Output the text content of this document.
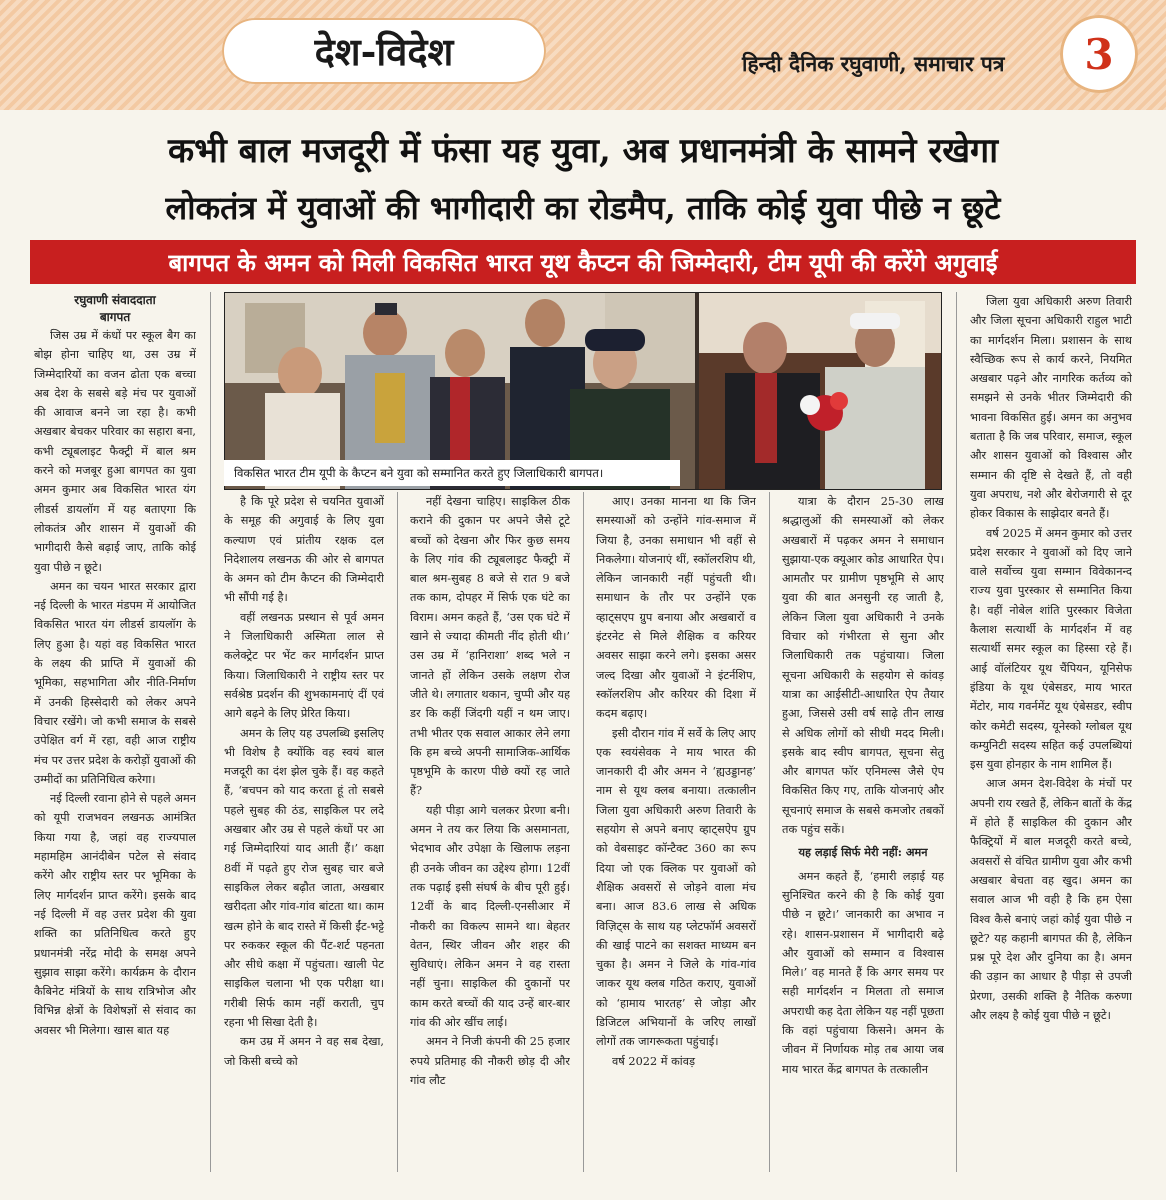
देश-विदेश	हिन्दी दैनिक रघुवाणी, समाचार पत्र 3
कभी बाल मजदूरी में फंसा यह युवा, अब प्रधानमंत्री के सामने रखेगा
लोकतंत्र में युवाओं की भागीदारी का रोडमैप, ताकि कोई युवा पीछे न छूटे
बागपत के अमन को मिली विकसित भारत यूथ कैप्टन की जिम्मेदारी, टीम यूपी की करेंगे अगुवाई
विकसित भारत टीम यूपी के कैप्टन बने युवा को सम्मानित करते हुए जिलाधिकारी बागपत।
रघुवाणी संवाददाता
बागपत

जिस उम्र में कंधों पर स्कूल बैग का बोझ होना चाहिए था, उस उम्र में जिम्मेदारियों का वजन ढोता एक बच्चा अब देश के सबसे बड़े मंच पर युवाओं की आवाज बनने जा रहा है। कभी अखबार बेचकर परिवार का सहारा बना, कभी ट्यूबलाइट फैक्ट्री में बाल श्रम करने को मजबूर हुआ बागपत का युवा अमन कुमार अब विकसित भारत यंग लीडर्स डायलॉग में यह बताएगा कि लोकतंत्र और शासन में युवाओं की भागीदारी कैसे बढ़ाई जाए, ताकि कोई युवा पीछे न छूटे।

अमन का चयन भारत सरकार द्वारा नई दिल्ली के भारत मंडपम में आयोजित विकसित भारत यंग लीडर्स डायलॉग के लिए हुआ है। यहां वह विकसित भारत के लक्ष्य की प्राप्ति में युवाओं की भूमिका, सहभागिता और नीति-निर्माण में उनकी हिस्सेदारी को लेकर अपने विचार रखेंगे। जो कभी समाज के सबसे उपेक्षित वर्ग में रहा, वही आज राष्ट्रीय मंच पर उत्तर प्रदेश के करोड़ों युवाओं की उम्मीदों का प्रतिनिधित्व करेगा।

नई दिल्ली रवाना होने से पहले अमन को यूपी राजभवन लखनऊ आमंत्रित किया गया है, जहां वह राज्यपाल महामहिम आनंदीबेन पटेल से संवाद करेंगे और राष्ट्रीय स्तर पर भूमिका के लिए मार्गदर्शन प्राप्त करेंगे। इसके बाद नई दिल्ली में वह उत्तर प्रदेश की युवा शक्ति का प्रतिनिधित्व करते हुए प्रधानमंत्री नरेंद्र मोदी के समक्ष अपने सुझाव साझा करेंगे। कार्यक्रम के दौरान कैबिनेट मंत्रियों के साथ रात्रिभोज और विभिन्न क्षेत्रों के विशेषज्ञों से संवाद का अवसर भी मिलेगा। खास बात यह

है कि पूरे प्रदेश से चयनित युवाओं के समूह की अगुवाई के लिए युवा कल्याण एवं प्रांतीय रक्षक दल निदेशालय लखनऊ की ओर से बागपत के अमन को टीम कैप्टन की जिम्मेदारी भी सौंपी गई है।

वहीं लखनऊ प्रस्थान से पूर्व अमन ने जिलाधिकारी अस्मिता लाल से कलेक्ट्रेट पर भेंट कर मार्गदर्शन प्राप्त किया। जिलाधिकारी ने राष्ट्रीय स्तर पर सर्वश्रेष्ठ प्रदर्शन की शुभकामनाएं दीं एवं आगे बढ़ने के लिए प्रेरित किया।

अमन के लिए यह उपलब्धि इसलिए भी विशेष है क्योंकि वह स्वयं बाल मजदूरी का दंश झेल चुके हैं। वह कहते हैं, ‘बचपन को याद करता हूं तो सबसे पहले सुबह की ठंड, साइकिल पर लदे अखबार और उम्र से पहले कंधों पर आ गई जिम्मेदारियां याद आती हैं।’ कक्षा 8वीं में पढ़ते हुए रोज सुबह चार बजे साइकिल लेकर बढ़ौत जाता, अखबार खरीदता और गांव-गांव बांटता था। काम खत्म होने के बाद रास्ते में किसी ईंट-भट्टे पर रुककर स्कूल की पैंट-शर्ट पहनता और सीधे कक्षा में पहुंचता। खाली पेट साइकिल चलाना भी एक परीक्षा था। गरीबी सिर्फ काम नहीं कराती, चुप रहना भी सिखा देती है।

कम उम्र में अमन ने वह सब देखा, जो किसी बच्चे को

नहीं देखना चाहिए। साइकिल ठीक कराने की दुकान पर अपने जैसे टूटे बच्चों को देखना और फिर कुछ समय के लिए गांव की ट्यूबलाइट फैक्ट्री में बाल श्रम-सुबह 8 बजे से रात 9 बजे तक काम, दोपहर में सिर्फ एक घंटे का विराम। अमन कहते हैं, ‘उस एक घंटे में खाने से ज्यादा कीमती नींद होती थी।’ उस उम्र में ‘हानिराशा’ शब्द भले न जानते हों लेकिन उसके लक्षण रोज जीते थे। लगातार थकान, चुप्पी और यह डर कि कहीं जिंदगी यहीं न थम जाए। तभी भीतर एक सवाल आकार लेने लगा कि हम बच्चे अपनी सामाजिक-आर्थिक पृष्ठभूमि के कारण पीछे क्यों रह जाते हैं?

यही पीड़ा आगे चलकर प्रेरणा बनी। अमन ने तय कर लिया कि असमानता, भेदभाव और उपेक्षा के खिलाफ लड़ना ही उनके जीवन का उद्देश्य होगा। 12वीं तक पढ़ाई इसी संघर्ष के बीच पूरी हुई। 12वीं के बाद दिल्ली-एनसीआर में नौकरी का विकल्प सामने था। बेहतर वेतन, स्थिर जीवन और शहर की सुविधाएं। लेकिन अमन ने वह रास्ता नहीं चुना। साइकिल की दुकानों पर काम करते बच्चों की याद उन्हें बार-बार गांव की ओर खींच लाई।

अमन ने निजी कंपनी की 25 हजार रुपये प्रतिमाह की नौकरी छोड़ दी और गांव लौट

आए। उनका मानना था कि जिन समस्याओं को उन्होंने गांव-समाज में जिया है, उनका समाधान भी वहीं से निकलेगा। योजनाएं थीं, स्कॉलरशिप थी, लेकिन जानकारी नहीं पहुंचती थी। समाधान के तौर पर उन्होंने एक व्हाट्सएप ग्रुप बनाया और अखबारों व इंटरनेट से मिले शैक्षिक व करियर अवसर साझा करने लगे। इसका असर जल्द दिखा और युवाओं ने इंटर्नशिप, स्कॉलरशिप और करियर की दिशा में कदम बढ़ाए।

इसी दौरान गांव में सर्वे के लिए आए एक स्वयंसेवक ने माय भारत की जानकारी दी और अमन ने ‘ह्यउड्डानह’ नाम से यूथ क्लब बनाया। तत्कालीन जिला युवा अधिकारी अरुण तिवारी के सहयोग से अपने बनाए व्हाट्सऐप ग्रुप को वेबसाइट कॉन्टैक्ट 360 का रूप दिया जो एक क्लिक पर युवाओं को शैक्षिक अवसरों से जोड़ने वाला मंच बना। आज 83.6 लाख से अधिक विज़िट्स के साथ यह प्लेटफॉर्म अवसरों की खाई पाटने का सशक्त माध्यम बन चुका है। अमन ने जिले के गांव-गांव जाकर यूथ क्लब गठित कराए, युवाओं को ‘हामाय भारतह’ से जोड़ा और डिजिटल अभियानों के जरिए लाखों लोगों तक जागरूकता पहुंचाई।

वर्ष 2022 में कांवड़

यात्रा के दौरान 25-30 लाख श्रद्धालुओं की समस्याओं को लेकर अखबारों में पढ़कर अमन ने समाधान सुझाया-एक क्यूआर कोड आधारित ऐप। आमतौर पर ग्रामीण पृष्ठभूमि से आए युवा की बात अनसुनी रह जाती है, लेकिन जिला युवा अधिकारी ने उनके विचार को गंभीरता से सुना और जिलाधिकारी तक पहुंचाया। जिला सूचना अधिकारी के सहयोग से कांवड़ यात्रा का आईसीटी-आधारित ऐप तैयार हुआ, जिससे उसी वर्ष साढ़े तीन लाख से अधिक लोगों को सीधी मदद मिली। इसके बाद स्वीप बागपत, सूचना सेतु और बागपत फॉर एनिमल्स जैसे ऐप विकसित किए गए, ताकि योजनाएं और सूचनाएं समाज के सबसे कमजोर तबकों तक पहुंच सकें।

यह लड़ाई सिर्फ मेरी नहीं: अमन

अमन कहते हैं, ‘हमारी लड़ाई यह सुनिश्चित करने की है कि कोई युवा पीछे न छूटे।’ जानकारी का अभाव न रहे। शासन-प्रशासन में भागीदारी बढ़े और युवाओं को सम्मान व विश्वास मिले।’ वह मानते हैं कि अगर समय पर सही मार्गदर्शन न मिलता तो समाज अपराधी कह देता लेकिन यह नहीं पूछता कि वहां पहुंचाया किसने। अमन के जीवन में निर्णायक मोड़ तब आया जब माय भारत केंद्र बागपत के तत्कालीन

जिला युवा अधिकारी अरुण तिवारी और जिला सूचना अधिकारी राहुल भाटी का मार्गदर्शन मिला। प्रशासन के साथ स्वैच्छिक रूप से कार्य करने, नियमित अखबार पढ़ने और नागरिक कर्तव्य को समझने से उनके भीतर जिम्मेदारी की भावना विकसित हुई। अमन का अनुभव बताता है कि जब परिवार, समाज, स्कूल और शासन युवाओं को विश्वास और सम्मान की दृष्टि से देखते हैं, तो वही युवा अपराध, नशे और बेरोजगारी से दूर होकर विकास के साझेदार बनते हैं।

वर्ष 2025 में अमन कुमार को उत्तर प्रदेश सरकार ने युवाओं को दिए जाने वाले सर्वोच्च युवा सम्मान विवेकानन्द राज्य युवा पुरस्कार से सम्मानित किया है। वहीं नोबेल शांति पुरस्कार विजेता कैलाश सत्यार्थी के मार्गदर्शन में वह सत्यार्थी समर स्कूल का हिस्सा रहे हैं। आई वॉलंटियर यूथ चैंपियन, यूनिसेफ इंडिया के यूथ एंबेसडर, माय भारत मेंटोर, माय गवर्नमेंट यूथ एंबेसडर, स्वीप कोर कमेटी सदस्य, यूनेस्को ग्लोबल यूथ कम्युनिटी सदस्य सहित कई उपलब्धियां इस युवा होनहार के नाम शामिल हैं।

आज अमन देश-विदेश के मंचों पर अपनी राय रखते हैं, लेकिन बातों के केंद्र में होते हैं साइकिल की दुकान और फैक्ट्रियों में बाल मजदूरी करते बच्चे, अवसरों से वंचित ग्रामीण युवा और कभी अखबार बेचता वह खुद। अमन का सवाल आज भी वही है कि हम ऐसा विश्व कैसे बनाएं जहां कोई युवा पीछे न छूटे? यह कहानी बागपत की है, लेकिन प्रश्न पूरे देश और दुनिया का है। अमन की उड़ान का आधार है पीड़ा से उपजी प्रेरणा, उसकी शक्ति है नैतिक करुणा और लक्ष्य है कोई युवा पीछे न छूटे।
